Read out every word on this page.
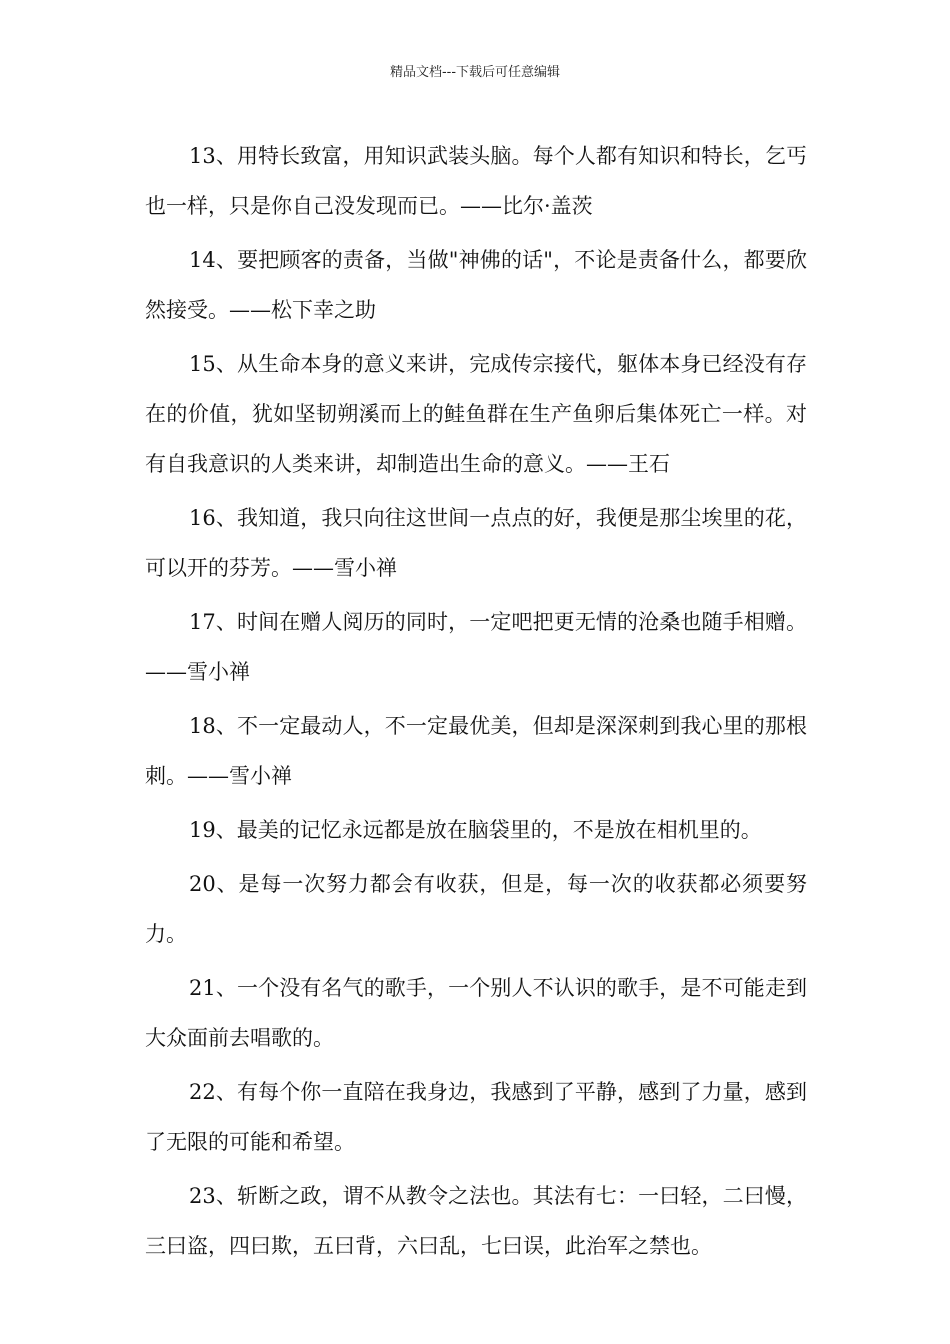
精品文档---下载后可任意编辑

13、用特长致富，用知识武装头脑。每个人都有知识和特长，乞丐也一样，只是你自己没发现而已。——比尔·盖茨

14、要把顾客的责备，当做"神佛的话"，不论是责备什么，都要欣然接受。——松下幸之助

15、从生命本身的意义来讲，完成传宗接代，躯体本身已经没有存在的价值，犹如坚韧朔溪而上的鲑鱼群在生产鱼卵后集体死亡一样。对有自我意识的人类来讲，却制造出生命的意义。——王石

16、我知道，我只向往这世间一点点的好，我便是那尘埃里的花，可以开的芬芳。——雪小禅

17、时间在赠人阅历的同时，一定吧把更无情的沧桑也随手相赠。——雪小禅

18、不一定最动人，不一定最优美，但却是深深刺到我心里的那根刺。——雪小禅

19、最美的记忆永远都是放在脑袋里的，不是放在相机里的。

20、是每一次努力都会有收获，但是，每一次的收获都必须要努力。

21、一个没有名气的歌手，一个别人不认识的歌手，是不可能走到大众面前去唱歌的。

22、有每个你一直陪在我身边，我感到了平静，感到了力量，感到了无限的可能和希望。

23、斩断之政，谓不从教令之法也。其法有七：一曰轻，二曰慢，三曰盗，四曰欺，五曰背，六曰乱，七曰误，此治军之禁也。
